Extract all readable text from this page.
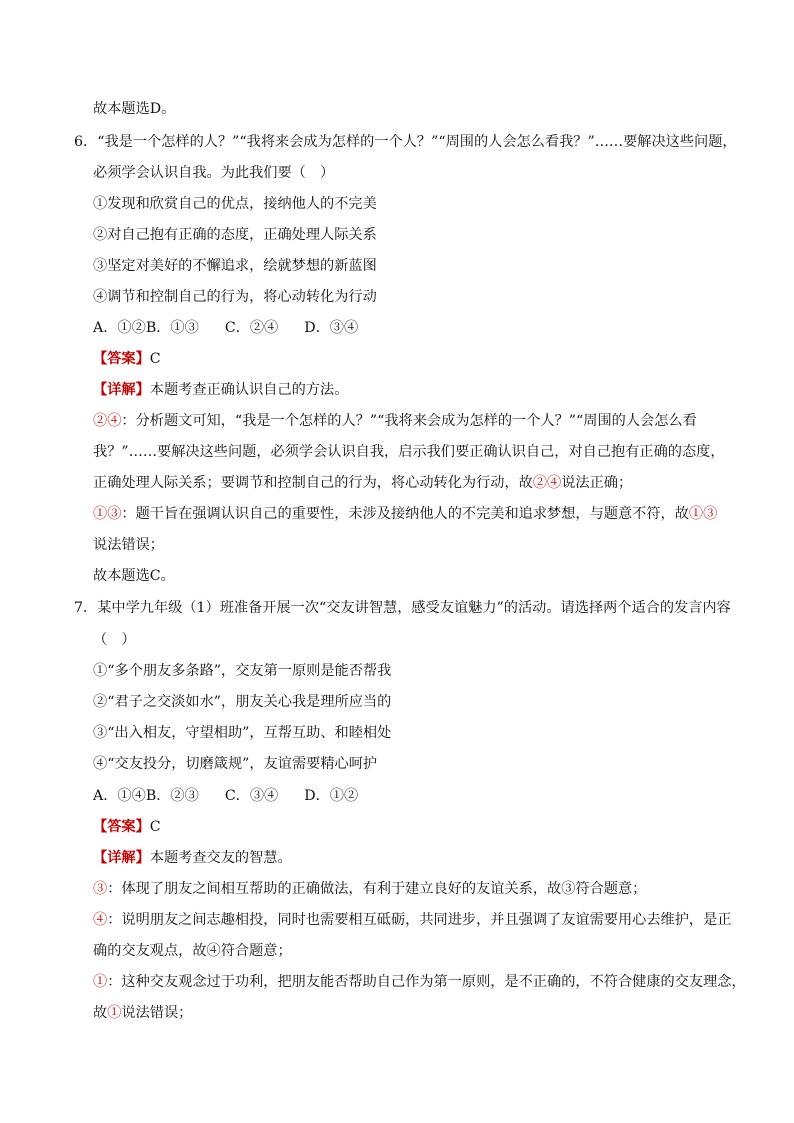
故本题选D。
6．“我是一个怎样的人？”“我将来会成为怎样的一个人？”“周围的人会怎么看我？”……要解决这些问题，
必须学会认识自我。为此我们要（　）
①发现和欣赏自己的优点，接纳他人的不完美
②对自己抱有正确的态度，正确处理人际关系
③坚定对美好的不懈追求，绘就梦想的新蓝图
④调节和控制自己的行为，将心动转化为行动
A．①②B．①③ C．②④ D．③④
【答案】C
【详解】本题考查正确认识自己的方法。
②④：分析题文可知，“我是一个怎样的人？”“我将来会成为怎样的一个人？”“周围的人会怎么看
我？”……要解决这些问题，必须学会认识自我，启示我们要正确认识自己，对自己抱有正确的态度，
正确处理人际关系；要调节和控制自己的行为，将心动转化为行动，故②④说法正确；
①③：题干旨在强调认识自己的重要性，未涉及接纳他人的不完美和追求梦想，与题意不符，故①③
说法错误；
故本题选C。
7．某中学九年级（1）班准备开展一次“交友讲智慧，感受友谊魅力”的活动。请选择两个适合的发言内容
（　）
①“多个朋友多条路”，交友第一原则是能否帮我
②“君子之交淡如水”，朋友关心我是理所应当的
③“出入相友，守望相助”，互帮互助、和睦相处
④“交友投分，切磨箴规”，友谊需要精心呵护
A．①④B．②③ C．③④ D．①②
【答案】C
【详解】本题考查交友的智慧。
③：体现了朋友之间相互帮助的正确做法，有利于建立良好的友谊关系，故③符合题意；
④：说明朋友之间志趣相投，同时也需要相互砥砺，共同进步，并且强调了友谊需要用心去维护，是正
确的交友观点，故④符合题意；
①：这种交友观念过于功利，把朋友能否帮助自己作为第一原则，是不正确的，不符合健康的交友理念，
故①说法错误；
